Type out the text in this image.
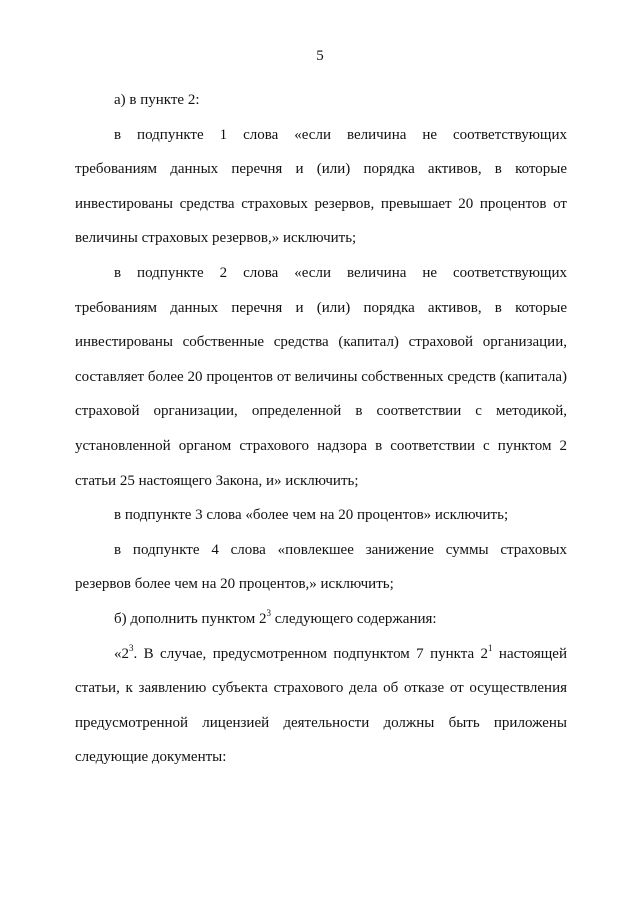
5

а) в пункте 2:

в подпункте 1 слова «если величина не соответствующих требованиям данных перечня и (или) порядка активов, в которые инвестированы средства страховых резервов, превышает 20 процентов от величины страховых резервов,» исключить;

в подпункте 2 слова «если величина не соответствующих требованиям данных перечня и (или) порядка активов, в которые инвестированы собственные средства (капитал) страховой организации, составляет более 20 процентов от величины собственных средств (капитала) страховой организации, определенной в соответствии с методикой, установленной органом страхового надзора в соответствии с пунктом 2 статьи 25 настоящего Закона, и» исключить;

в подпункте 3 слова «более чем на 20 процентов» исключить;

в подпункте 4 слова «повлекшее занижение суммы страховых резервов более чем на 20 процентов,» исключить;

б) дополнить пунктом $2^3$ следующего содержания:

«$2^3$. В случае, предусмотренном подпунктом 7 пункта $2^1$ настоящей статьи, к заявлению субъекта страхового дела об отказе от осуществления предусмотренной лицензией деятельности должны быть приложены следующие документы:
